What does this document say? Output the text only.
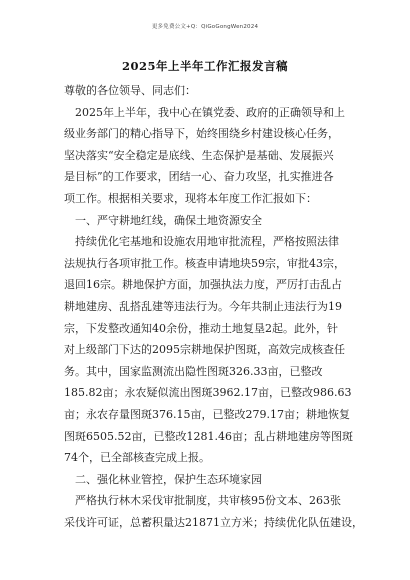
更多免费公文+Q：QiGoGongWen2024
2025年上半年工作汇报发言稿
尊敬的各位领导、同志们：
　2025年上半年，我中心在镇党委、政府的正确领导和上
级业务部门的精心指导下，始终围绕乡村建设核心任务，
坚决落实“安全稳定是底线、生态保护是基础、发展振兴
是目标”的工作要求，团结一心、奋力攻坚，扎实推进各
项工作。根据相关要求，现将本年度工作汇报如下：
　一、严守耕地红线，确保土地资源安全
　持续优化宅基地和设施农用地审批流程，严格按照法律
法规执行各项审批工作。核查申请地块59宗，审批43宗，
退回16宗。耕地保护方面，加强执法力度，严厉打击乱占
耕地建房、乱搭乱建等违法行为。今年共制止违法行为19
宗，下发整改通知40余份，推动土地复垦2起。此外，针
对上级部门下达的2095宗耕地保护图斑，高效完成核查任
务。其中，国家监测流出隐性图斑326.33亩，已整改
185.82亩；永农疑似流出图斑3962.17亩，已整改986.63
亩；永农存量图斑376.15亩，已整改279.17亩；耕地恢复
图斑6505.52亩，已整改1281.46亩；乱占耕地建房等图斑
74个，已全部核查完成上报。
　二、强化林业管控，保护生态环境家园
　严格执行林木采伐审批制度，共审核95份文本、263张
采伐许可证，总蓄积量达21871立方米；持续优化队伍建设，
